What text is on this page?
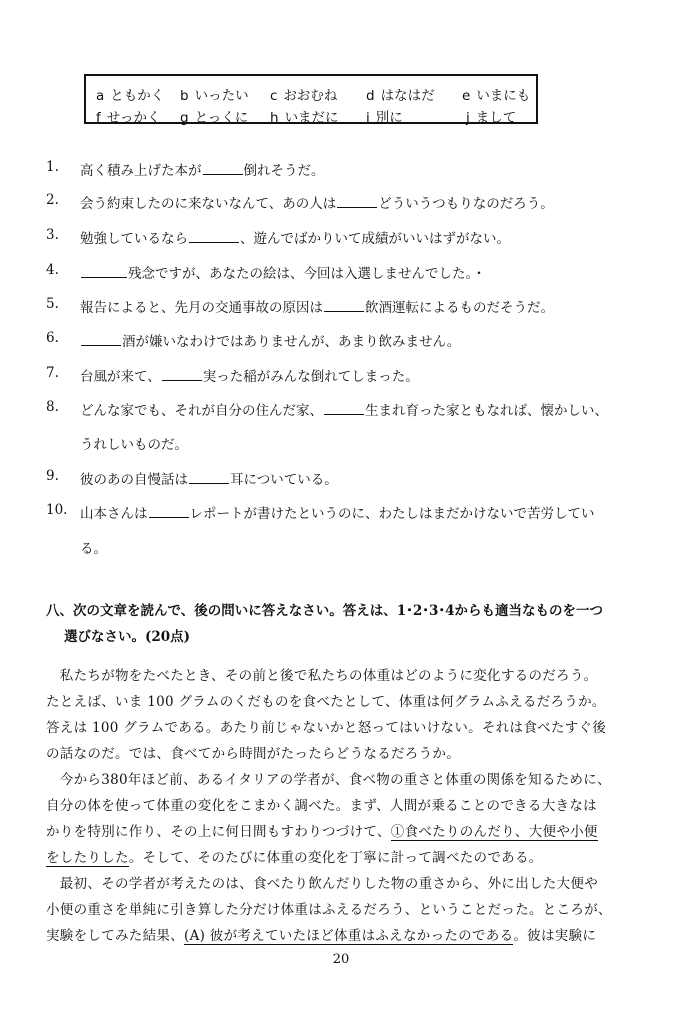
a ともかく b いったい c おおむね d はなはだ e いまにも
f せっかく g とっくに h いまだに i 別に	j まして
1.	高く積み上げた本が	倒れそうだ。
2.	会う約束したのに来ないなんて、あの人は	どういうつもりなのだろう。
3.	勉強しているなら	、遊んでばかりいて成績がいいはずがない。
4.	残念ですが、あなたの絵は、今回は入選しませんでした。・
5.	報告によると、先月の交通事故の原因は	飲酒運転によるものだそうだ。
6.	酒が嫌いなわけではありませんが、あまり飲みません。
7.	台風が来て、	実った稲がみんな倒れてしまった。
8.	どんな家でも、それが自分の住んだ家、	生まれ育った家ともなれば、懐かしい、
うれしいものだ。
9.	彼のあの自慢話は	耳についている。
10. 山本さんは	レポートが書けたというのに、わたしはまだかけないで苦労してい
る。
八、次の文章を読んで、後の問いに答えなさい。答えは、1･2･3･4からも適当なものを一つ
選びなさい。(20点)
　私たちが物をたべたとき、その前と後で私たちの体重はどのように変化するのだろう。
たとえば、いま 100 グラムのくだものを食べたとして、体重は何グラムふえるだろうか。
答えは 100 グラムである。あたり前じゃないかと怒ってはいけない。それは食べたすぐ後
の話なのだ。では、食べてから時間がたったらどうなるだろうか。
　今から380年ほど前、あるイタリアの学者が、食べ物の重さと体重の関係を知るために、
自分の体を使って体重の変化をこまかく調べた。まず、人間が乗ることのできる大きなは
かりを特別に作り、その上に何日間もすわりつづけて、①食べたりのんだり、大便や小便
をしたりした。そして、そのたびに体重の変化を丁寧に計って調べたのである。
　最初、その学者が考えたのは、食べたり飲んだりした物の重さから、外に出した大便や
小便の重さを単純に引き算した分だけ体重はふえるだろう、ということだった。ところが、
実験をしてみた結果、(A) 彼が考えていたほど体重はふえなかったのである。彼は実験に
20
